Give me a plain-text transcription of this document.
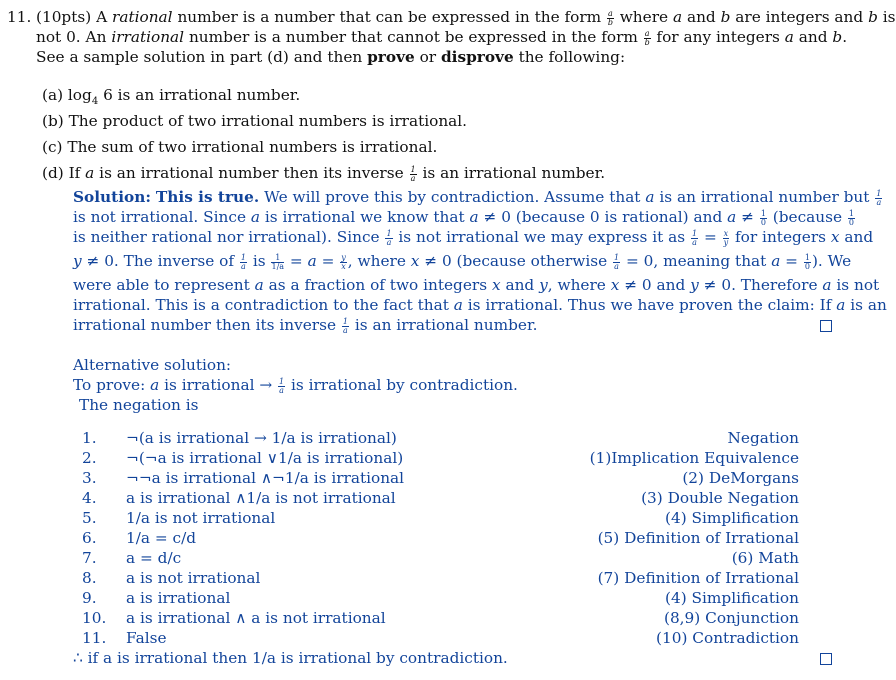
11. (10pts) A rational number is a number that can be expressed in the form $\frac{a}{b}$ where a and b are integers and b is
not 0. An irrational number is a number that cannot be expressed in the form $\frac{a}{b}$ for any integers a and b.
See a sample solution in part (d) and then prove or disprove the following:
(a) $\log_4 6$ is an irrational number.
(b) The product of two irrational numbers is irrational.
(c) The sum of two irrational numbers is irrational.
(d) If a is an irrational number then its inverse $\frac{1}{a}$ is an irrational number.
Solution: This is true. We will prove this by contradiction. Assume that a is an irrational number but $\frac{1}{a}$
is not irrational. Since a is irrational we know that a ≠ 0 (because 0 is rational) and $a \ne \frac{1}{0}$ (because $\frac{1}{0}$
is neither rational nor irrational). Since $\frac{1}{a}$ is not irrational we may express it as $\frac{1}{a} = \frac{x}{y}$ for integers x and
y ≠ 0. The inverse of $\frac{1}{a}$ is $\frac{1}{1/a} = a = \frac{y}{x}$ , where x ≠ 0 (because otherwise $\frac{1}{a} = 0$, meaning that $a = \frac{1}{0}$ ). We
were able to represent a as a fraction of two integers x and y, where x ≠ 0 and y ≠ 0. Therefore a is not
irrational. This is a contradiction to the fact that a is irrational. Thus we have proven the claim: If a is an
irrational number then its inverse $\frac{1}{a}$ is an irrational number.
Alternative solution:
To prove: a is irrational → $\frac{1}{a}$ is irrational by contradiction.
The negation is
1. ¬(a is irrational → 1/a is irrational)	Negation
2. ¬(¬a is irrational ∨1/a is irrational)	(1)Implication Equivalence
3. ¬¬a is irrational ∧¬1/a is irrational	(2) DeMorgans
4. a is irrational ∧1/a is not irrational	(3) Double Negation
5. 1/a is not irrational	(4) Simplification
6. 1/a = c/d	(5) Definition of Irrational
7. a = d/c	(6) Math
8. a is not irrational	(7) Definition of Irrational
9. a is irrational	(4) Simplification
10. a is irrational ∧ a is not irrational	(8,9) Conjunction
11. False	(10) Contradiction
∴ if a is irrational then 1/a is irrational by contradiction.
